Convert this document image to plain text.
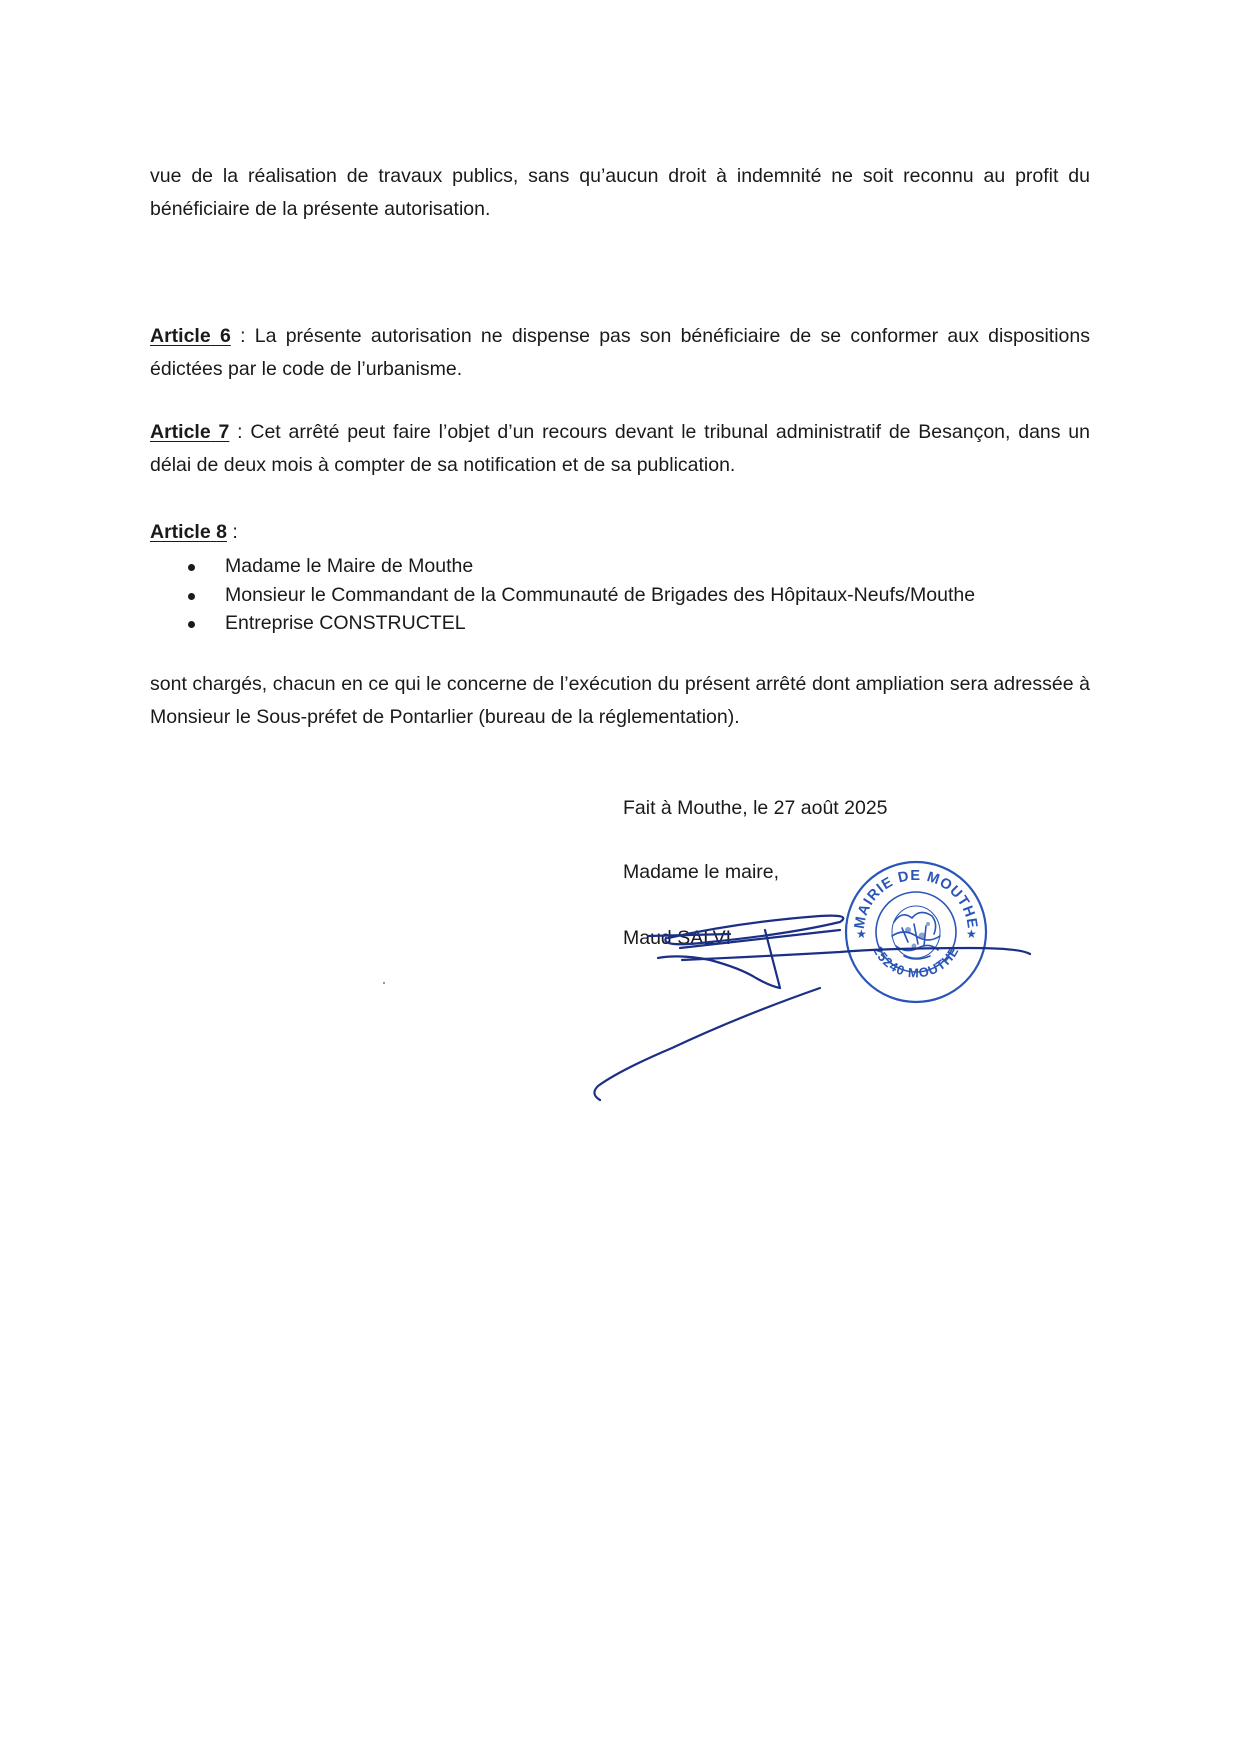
vue de la réalisation de travaux publics, sans qu’aucun droit à indemnité ne soit reconnu au profit du bénéficiaire de la présente autorisation.
Article 6 : La présente autorisation ne dispense pas son bénéficiaire de se conformer aux dispositions édictées par le code de l’urbanisme.
Article 7 : Cet arrêté peut faire l’objet d’un recours devant le tribunal administratif de Besançon, dans un délai de deux mois à compter de sa notification et de sa publication.
Article 8 :
Madame le Maire de Mouthe
Monsieur le Commandant de la Communauté de Brigades des Hôpitaux-Neufs/Mouthe
Entreprise CONSTRUCTEL
sont chargés, chacun en ce qui le concerne de l’exécution du présent arrêté dont ampliation sera adressée à Monsieur le Sous-préfet de Pontarlier (bureau de la réglementation).
Fait à Mouthe, le 27 août 2025
Madame le maire,
Maud SALVI
MAIRIE DE MOUTHE
25240 MOUTHE
★	★
